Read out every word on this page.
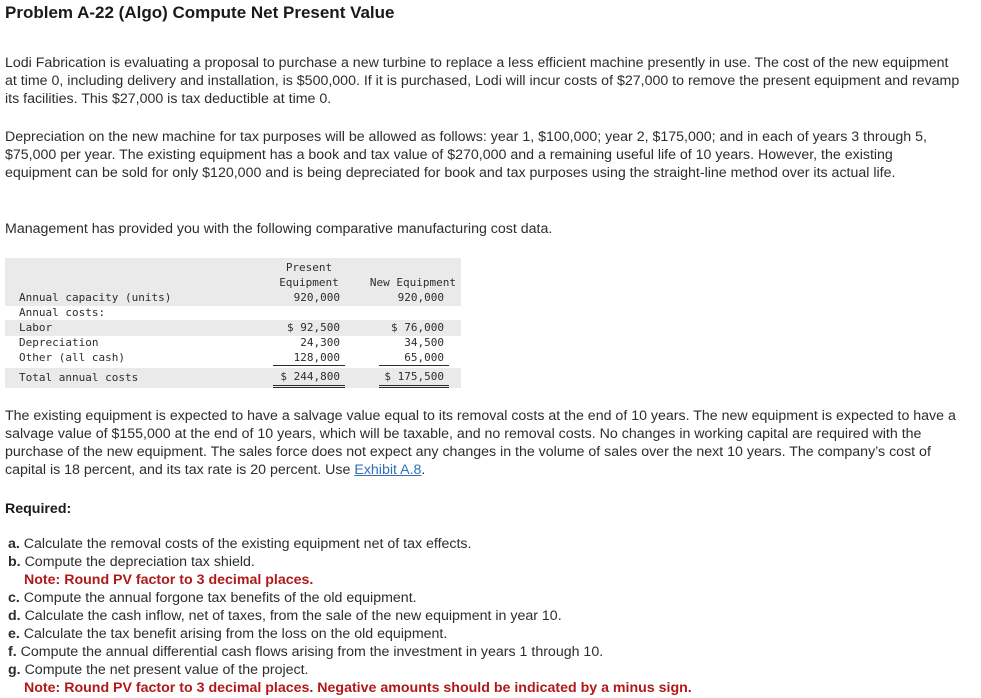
Problem A-22 (Algo) Compute Net Present Value

Lodi Fabrication is evaluating a proposal to purchase a new turbine to replace a less efficient machine presently in use. The cost of the new equipment at time 0, including delivery and installation, is $500,000. If it is purchased, Lodi will incur costs of $27,000 to remove the present equipment and revamp its facilities. This $27,000 is tax deductible at time 0.

Depreciation on the new machine for tax purposes will be allowed as follows: year 1, $100,000; year 2, $175,000; and in each of years 3 through 5, $75,000 per year. The existing equipment has a book and tax value of $270,000 and a remaining useful life of 10 years. However, the existing equipment can be sold for only $120,000 and is being depreciated for book and tax purposes using the straight-line method over its actual life.

Management has provided you with the following comparative manufacturing cost data.

Present
Equipment	New Equipment
Annual capacity (units)	920,000	920,000
Annual costs:
Labor	$ 92,500	$ 76,000
Depreciation	24,300	34,500
Other (all cash)	128,000	65,000
Total annual costs	$ 244,800	$ 175,500

The existing equipment is expected to have a salvage value equal to its removal costs at the end of 10 years. The new equipment is expected to have a salvage value of $155,000 at the end of 10 years, which will be taxable, and no removal costs. No changes in working capital are required with the purchase of the new equipment. The sales force does not expect any changes in the volume of sales over the next 10 years. The company’s cost of capital is 18 percent, and its tax rate is 20 percent. Use Exhibit A.8.

Required:

a. Calculate the removal costs of the existing equipment net of tax effects.
b. Compute the depreciation tax shield.
Note: Round PV factor to 3 decimal places.
c. Compute the annual forgone tax benefits of the old equipment.
d. Calculate the cash inflow, net of taxes, from the sale of the new equipment in year 10.
e. Calculate the tax benefit arising from the loss on the old equipment.
f. Compute the annual differential cash flows arising from the investment in years 1 through 10.
g. Compute the net present value of the project.
Note: Round PV factor to 3 decimal places. Negative amounts should be indicated by a minus sign.
